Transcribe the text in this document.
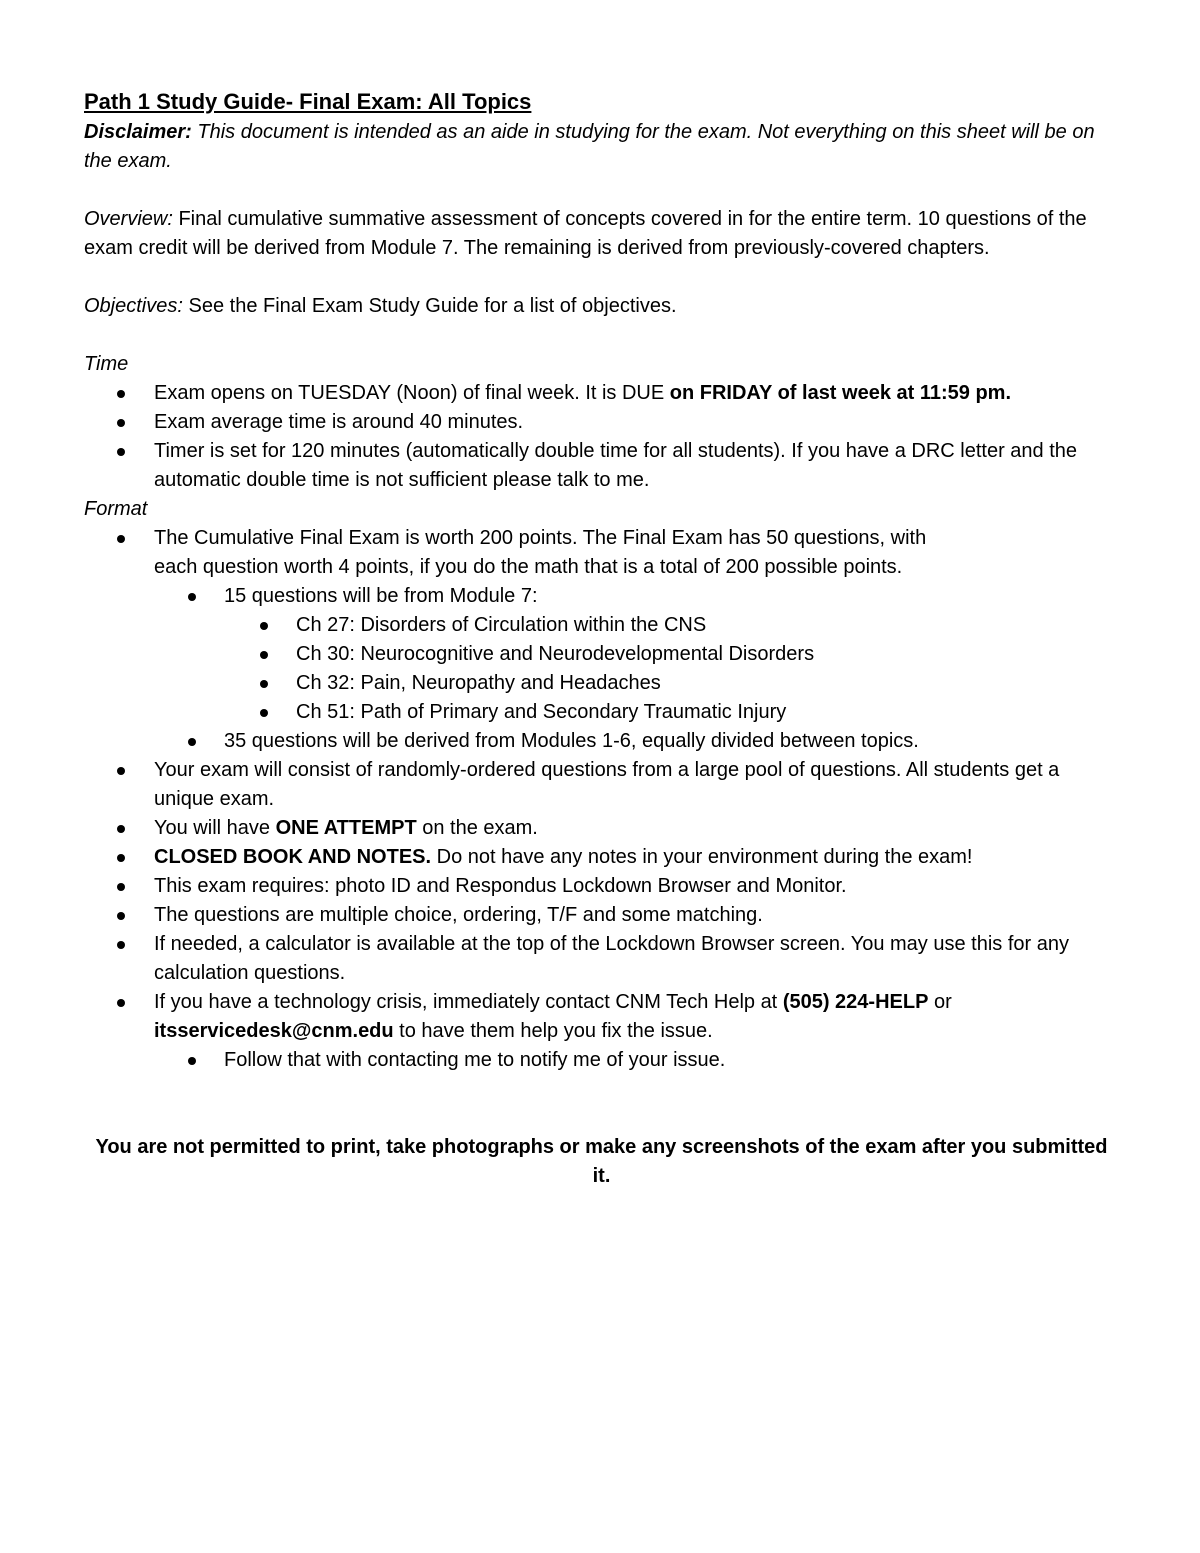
Path 1 Study Guide- Final Exam: All Topics

Disclaimer: This document is intended as an aide in studying for the exam. Not everything on this sheet will be on the exam.

Overview: Final cumulative summative assessment of concepts covered in for the entire term. 10 questions of the exam credit will be derived from Module 7. The remaining is derived from previously-covered chapters.

Objectives: See the Final Exam Study Guide for a list of objectives.

Time

Exam opens on TUESDAY (Noon) of final week. It is DUE on FRIDAY of last week at 11:59 pm.
Exam average time is around 40 minutes.
Timer is set for 120 minutes (automatically double time for all students). If you have a DRC letter and the automatic double time is not sufficient please talk to me.

Format

The Cumulative Final Exam is worth 200 points. The Final Exam has 50 questions, with each question worth 4 points, if you do the math that is a total of 200 possible points.
15 questions will be from Module 7:
Ch 27: Disorders of Circulation within the CNS
Ch 30: Neurocognitive and Neurodevelopmental Disorders
Ch 32: Pain, Neuropathy and Headaches
Ch 51: Path of Primary and Secondary Traumatic Injury
35 questions will be derived from Modules 1-6, equally divided between topics.
Your exam will consist of randomly-ordered questions from a large pool of questions. All students get a unique exam.
You will have ONE ATTEMPT on the exam.
CLOSED BOOK AND NOTES. Do not have any notes in your environment during the exam!
This exam requires: photo ID and Respondus Lockdown Browser and Monitor.
The questions are multiple choice, ordering, T/F and some matching.
If needed, a calculator is available at the top of the Lockdown Browser screen. You may use this for any calculation questions.
If you have a technology crisis, immediately contact CNM Tech Help at (505) 224-HELP or itsservicedesk@cnm.edu to have them help you fix the issue.
Follow that with contacting me to notify me of your issue.

You are not permitted to print, take photographs or make any screenshots of the exam after you submitted it.
